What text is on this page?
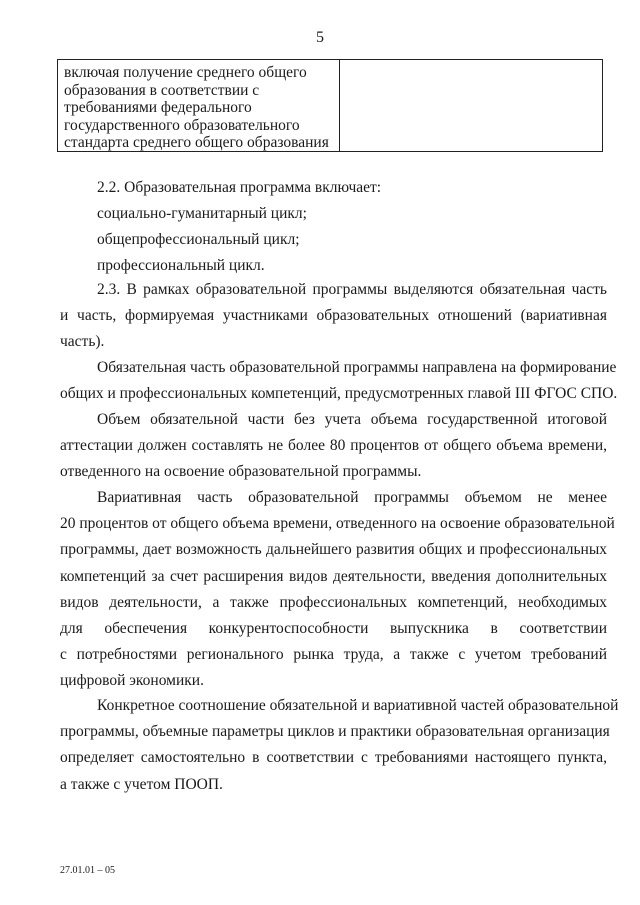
5
включая получение среднего общего
образования в соответствии с
требованиями федерального
государственного образовательного
стандарта среднего общего образования
2.2. Образовательная программа включает:
социально-гуманитарный цикл;
общепрофессиональный цикл;
профессиональный цикл.
2.3. В рамках образовательной программы выделяются обязательная часть
и часть, формируемая участниками образовательных отношений (вариативная
часть).
Обязательная часть образовательной программы направлена на формирование
общих и профессиональных компетенций, предусмотренных главой III ФГОС СПО.
Объем обязательной части без учета объема государственной итоговой
аттестации должен составлять не более 80 процентов от общего объема времени,
отведенного на освоение образовательной программы.
Вариативная часть образовательной программы объемом не менее
20 процентов от общего объема времени, отведенного на освоение образовательной
программы, дает возможность дальнейшего развития общих и профессиональных
компетенций за счет расширения видов деятельности, введения дополнительных
видов деятельности, а также профессиональных компетенций, необходимых
для обеспечения конкурентоспособности выпускника в соответствии
с потребностями регионального рынка труда, а также с учетом требований
цифровой экономики.
Конкретное соотношение обязательной и вариативной частей образовательной
программы, объемные параметры циклов и практики образовательная организация
определяет самостоятельно в соответствии с требованиями настоящего пункта,
а также с учетом ПООП.
27.01.01 – 05
